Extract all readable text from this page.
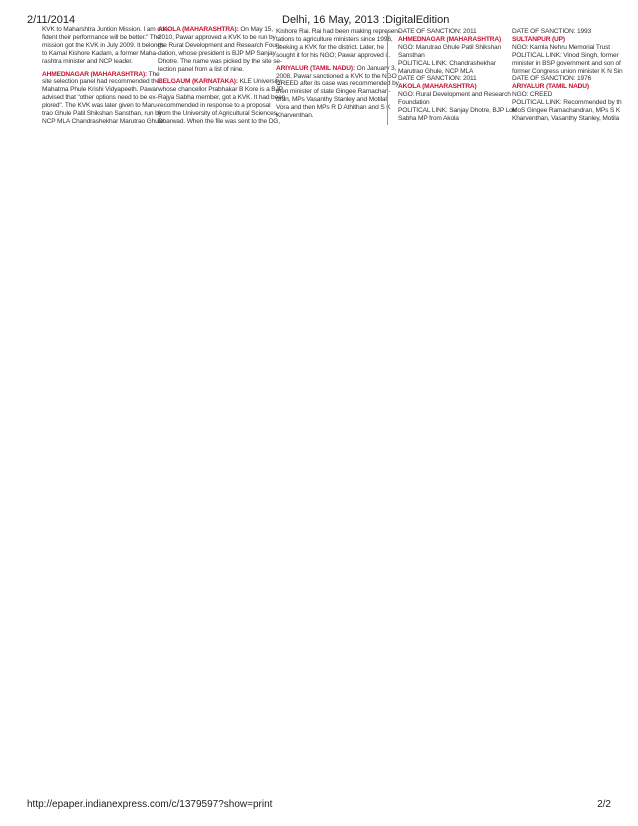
2/11/2014	Delhi, 16 May, 2013 :DigitalEdition
KVK to Maharshtra Juntion Mission. I am con-
fident their performance will be better." The
mission got the KVK in July 2009. It belongs
to Kamal Kishore Kadam, a former Maha-
rashtra minister and NCP leader.
AHMEDNAGAR (MAHARASHTRA): The
site selection panel had recommended the
Mahatma Phule Krishi Vidyapeeth. Pawar
advised that "other options need to be ex-
plored". The KVK was later given to Maru-
trao Ghule Patil Shikshan Sansthan, run by
NCP MLA Chandrashekhar Marutrao Ghule.
AKOLA (MAHARASHTRA): On May 15,
2010, Pawar approved a KVK to be run by
the Rural Development and Research Foun-
dation, whose president is BJP MP Sanjay
Dhotre. The name was picked by the site se-
lection panel from a list of nine.
BELGAUM (KARNATAKA): KLE University,
whose chancellor Prabhakar B Kore is a BJP
Rajya Sabha member, got a KVK. It had been
recommended in response to a proposal
from the University of Agricultural Sciences,
Dharwad. When the file was sent to the DG,
Kishore Rai. Rai had been making represen-
tations to agriculture ministers since 1996,
seeking a KVK for the district. Later, he
sought it for his NGO; Pawar approved it.
ARIYALUR (TAMIL NADU): On January 3,
2008, Pawar sanctioned a KVK to the NGO
CREED after its case was recommended by
then minister of state Gingee Ramachan-
dran, MPs Vasanthy Stanley and Motilal
Vora and then MPs R D Athithan and S K
Kharventhan.
DATE OF SANCTION: 2011
AHMEDNAGAR (MAHARASHTRA)
NGO: Marutrao Ghule Patil Shikshan
Sansthan
POLITICAL LINK: Chandrashekhar
Marutrao Ghule, NCP MLA
DATE OF SANCTION: 2011
AKOLA (MAHARASHTRA)
NGO: Rural Development and Research
Foundation
POLITICAL LINK: Sanjay Dhotre, BJP Lok
Sabha MP from Akola
DATE OF SANCTION: 1993
SULTANPUR (UP)
NGO: Kamla Nehru Memorial Trust
POLITICAL LINK: Vinod Singh, former
minister in BSP government and son of
former Congress union minister K N Sin
DATE OF SANCTION: 1976
ARIYALUR (TAMIL NADU)
NGO: CREED
POLITICAL LINK: Recommended by th
MoS Gingee Ramachandran, MPs S K
Kharventhan, Vasanthy Stanley, Motila
http://epaper.indianexpress.com/c/1379597?show=print	2/2
